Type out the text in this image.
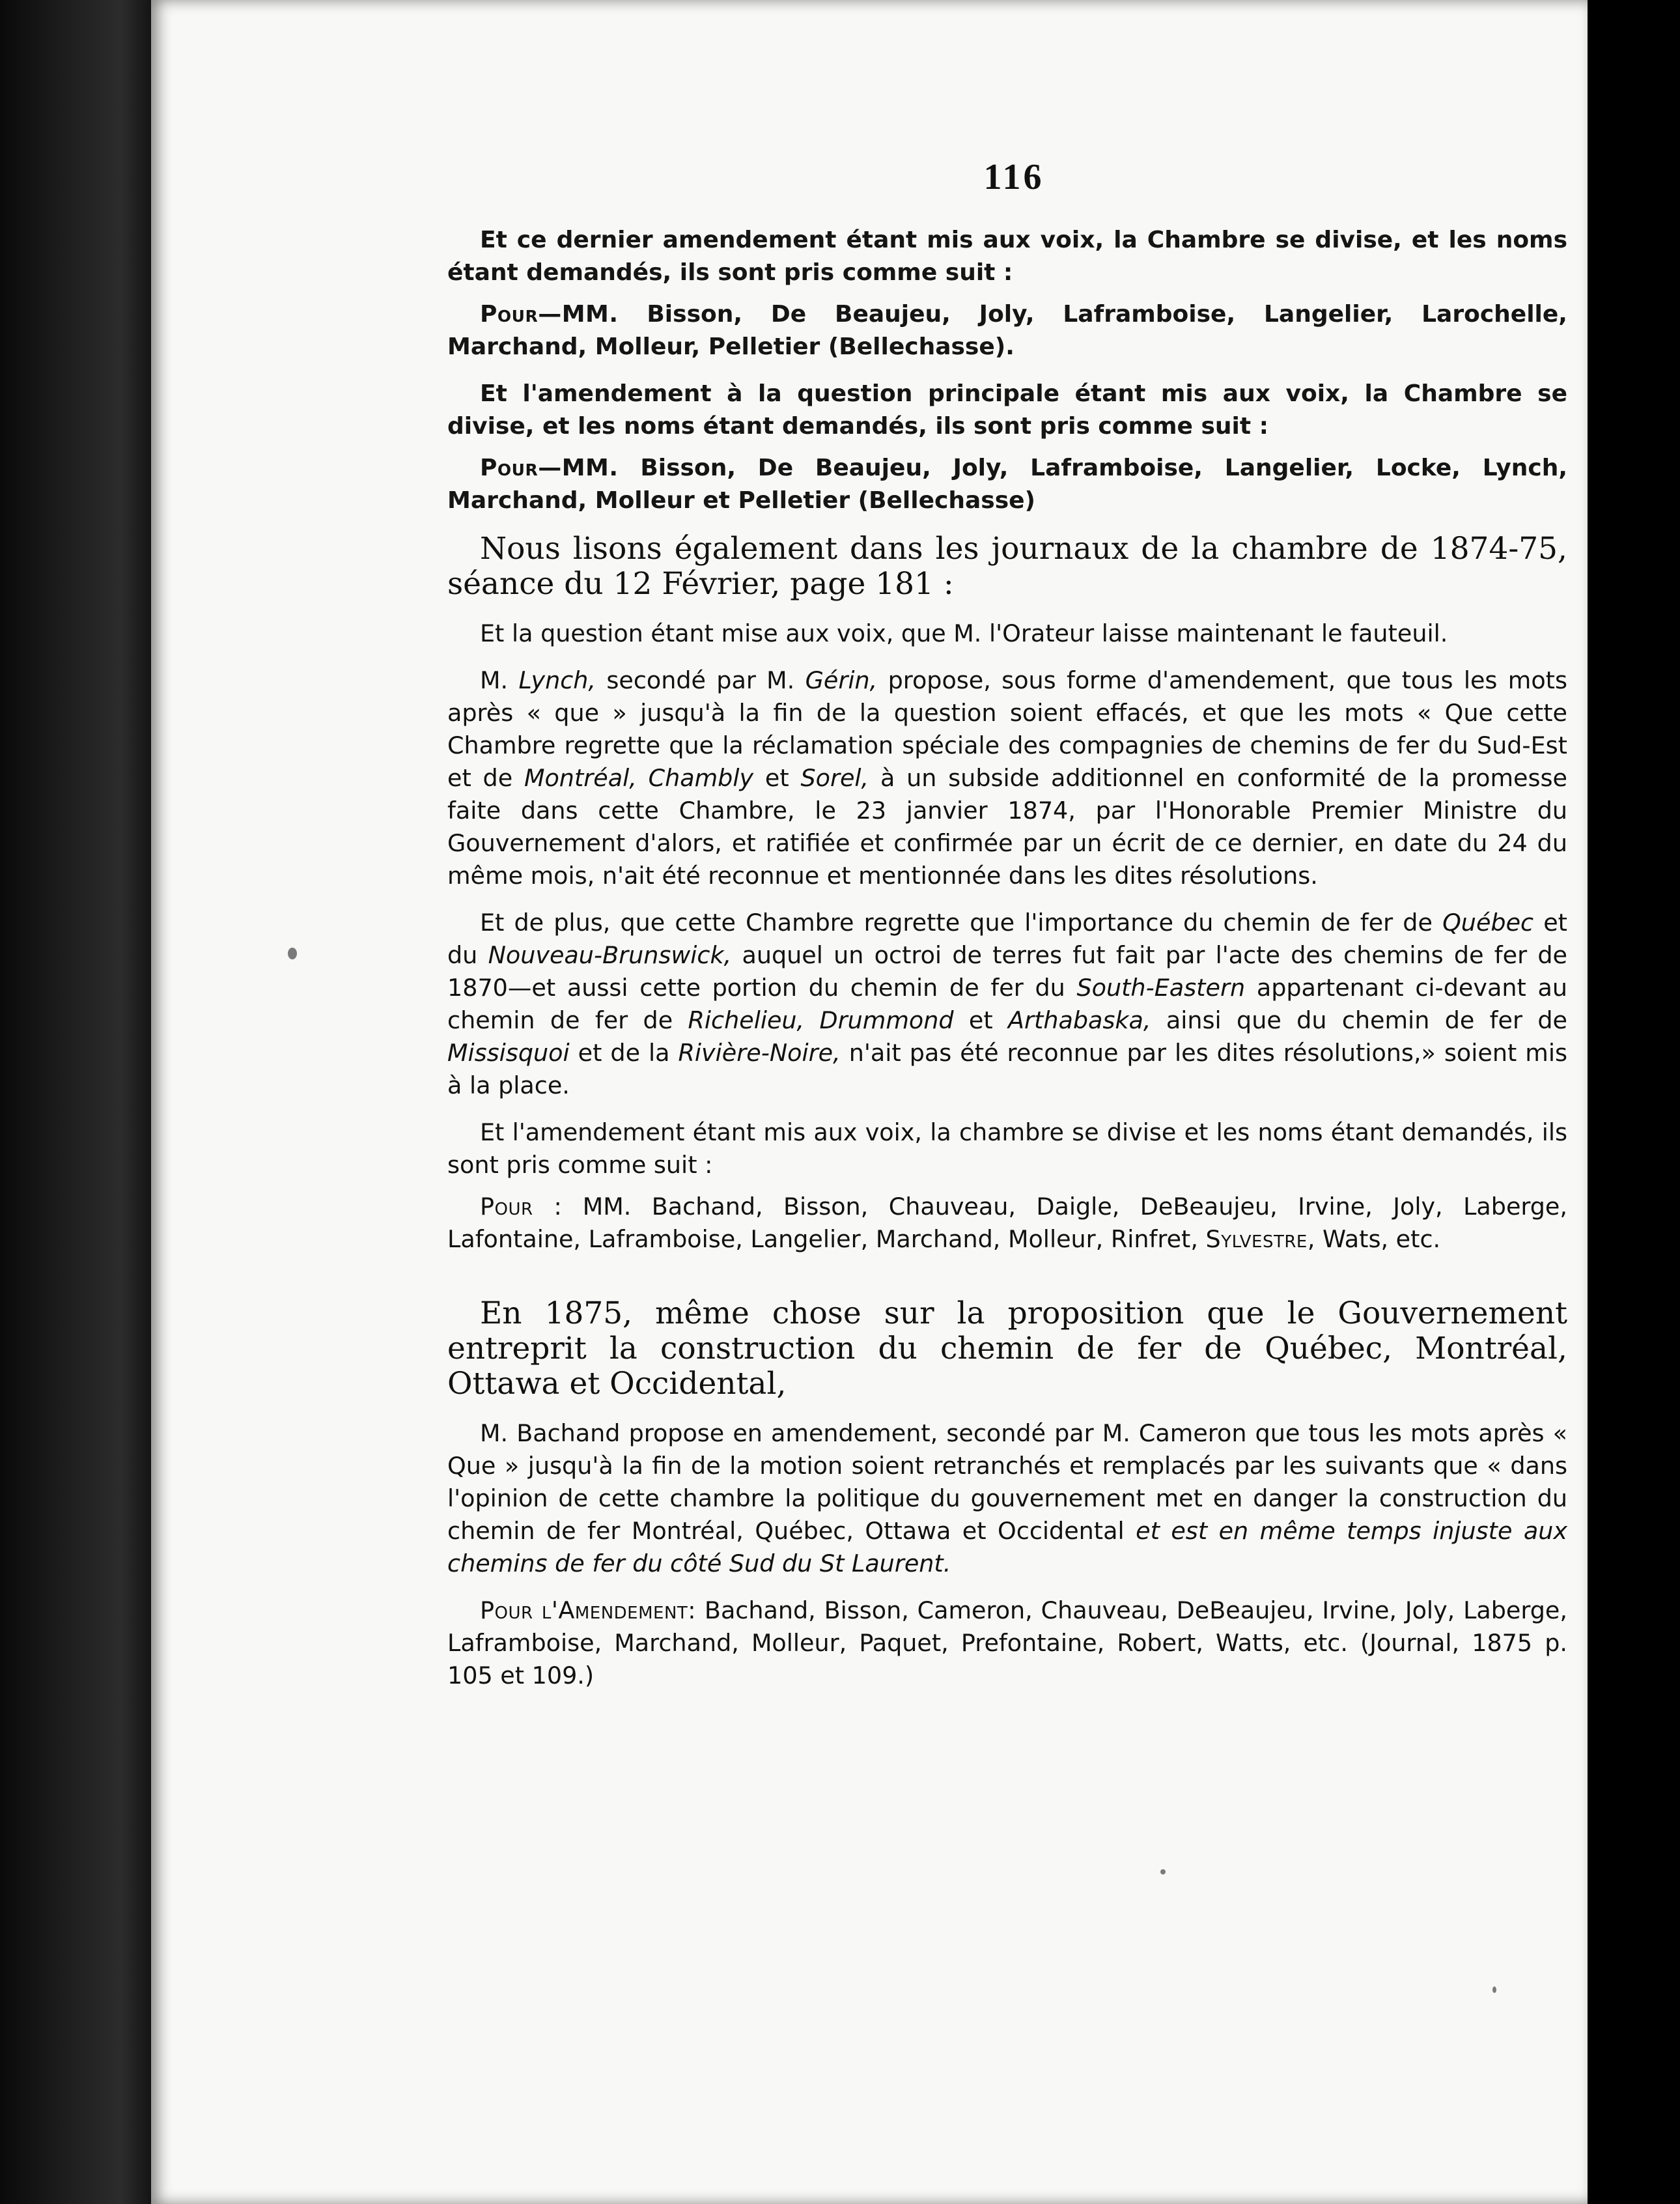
116

Et ce dernier amendement étant mis aux voix, la Chambre se divise, et les noms étant demandés, ils sont pris comme suit :

Pour—MM. Bisson, De Beaujeu, Joly, Laframboise, Langelier, Larochelle, Marchand, Molleur, Pelletier (Bellechasse).

Et l'amendement à la question principale étant mis aux voix, la Chambre se divise, et les noms étant demandés, ils sont pris comme suit :

Pour—MM. Bisson, De Beaujeu, Joly, Laframboise, Langelier, Locke, Lynch, Marchand, Molleur et Pelletier (Bellechasse)

Nous lisons également dans les journaux de la chambre de 1874-75, séance du 12 Février, page 181 :

Et la question étant mise aux voix, que M. l'Orateur laisse maintenant le fauteuil.

M. Lynch, secondé par M. Gérin, propose, sous forme d'amendement, que tous les mots après « que » jusqu'à la fin de la question soient effacés, et que les mots « Que cette Chambre regrette que la réclamation spéciale des compagnies de chemins de fer du Sud-Est et de Montréal, Chambly et Sorel, à un subside additionnel en conformité de la promesse faite dans cette Chambre, le 23 janvier 1874, par l'Honorable Premier Ministre du Gouvernement d'alors, et ratifiée et confirmée par un écrit de ce dernier, en date du 24 du même mois, n'ait été reconnue et mentionnée dans les dites résolutions.

Et de plus, que cette Chambre regrette que l'importance du chemin de fer de Québec et du Nouveau-Brunswick, auquel un octroi de terres fut fait par l'acte des chemins de fer de 1870—et aussi cette portion du chemin de fer du South-Eastern appartenant ci-devant au chemin de fer de Richelieu, Drummond et Arthabaska, ainsi que du chemin de fer de Missisquoi et de la Rivière-Noire, n'ait pas été reconnue par les dites résolutions,» soient mis à la place.

Et l'amendement étant mis aux voix, la chambre se divise et les noms étant demandés, ils sont pris comme suit :

Pour : MM. Bachand, Bisson, Chauveau, Daigle, DeBeaujeu, Irvine, Joly, Laberge, Lafontaine, Laframboise, Langelier, Marchand, Molleur, Rinfret, Sylvestre, Wats, etc.

En 1875, même chose sur la proposition que le Gouvernement entreprit la construction du chemin de fer de Québec, Montréal, Ottawa et Occidental,

M. Bachand propose en amendement, secondé par M. Cameron que tous les mots après « Que » jusqu'à la fin de la motion soient retranchés et remplacés par les suivants que « dans l'opinion de cette chambre la politique du gouvernement met en danger la construction du chemin de fer Montréal, Québec, Ottawa et Occidental et est en même temps injuste aux chemins de fer du côté Sud du St Laurent.

Pour l'Amendement: Bachand, Bisson, Cameron, Chauveau, DeBeaujeu, Irvine, Joly, Laberge, Laframboise, Marchand, Molleur, Paquet, Prefontaine, Robert, Watts, etc. (Journal, 1875 p. 105 et 109.)
